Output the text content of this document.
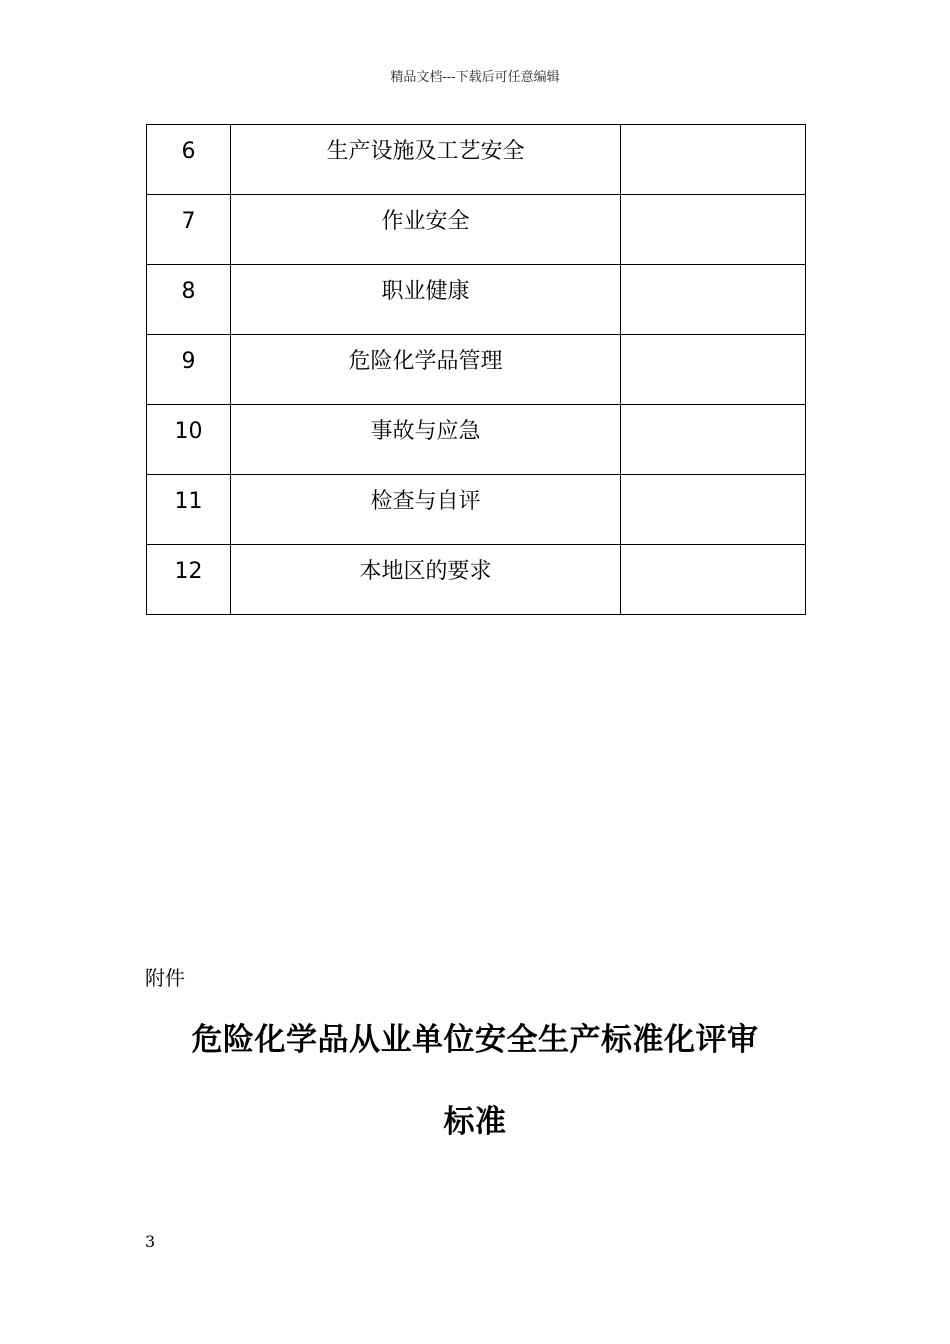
精品文档---下载后可任意编辑
6	生产设施及工艺安全	
7	作业安全	
8	职业健康	
9	危险化学品管理	
10	事故与应急	
11	检查与自评	
12	本地区的要求	
附件
危险化学品从业单位安全生产标准化评审
标准
3
